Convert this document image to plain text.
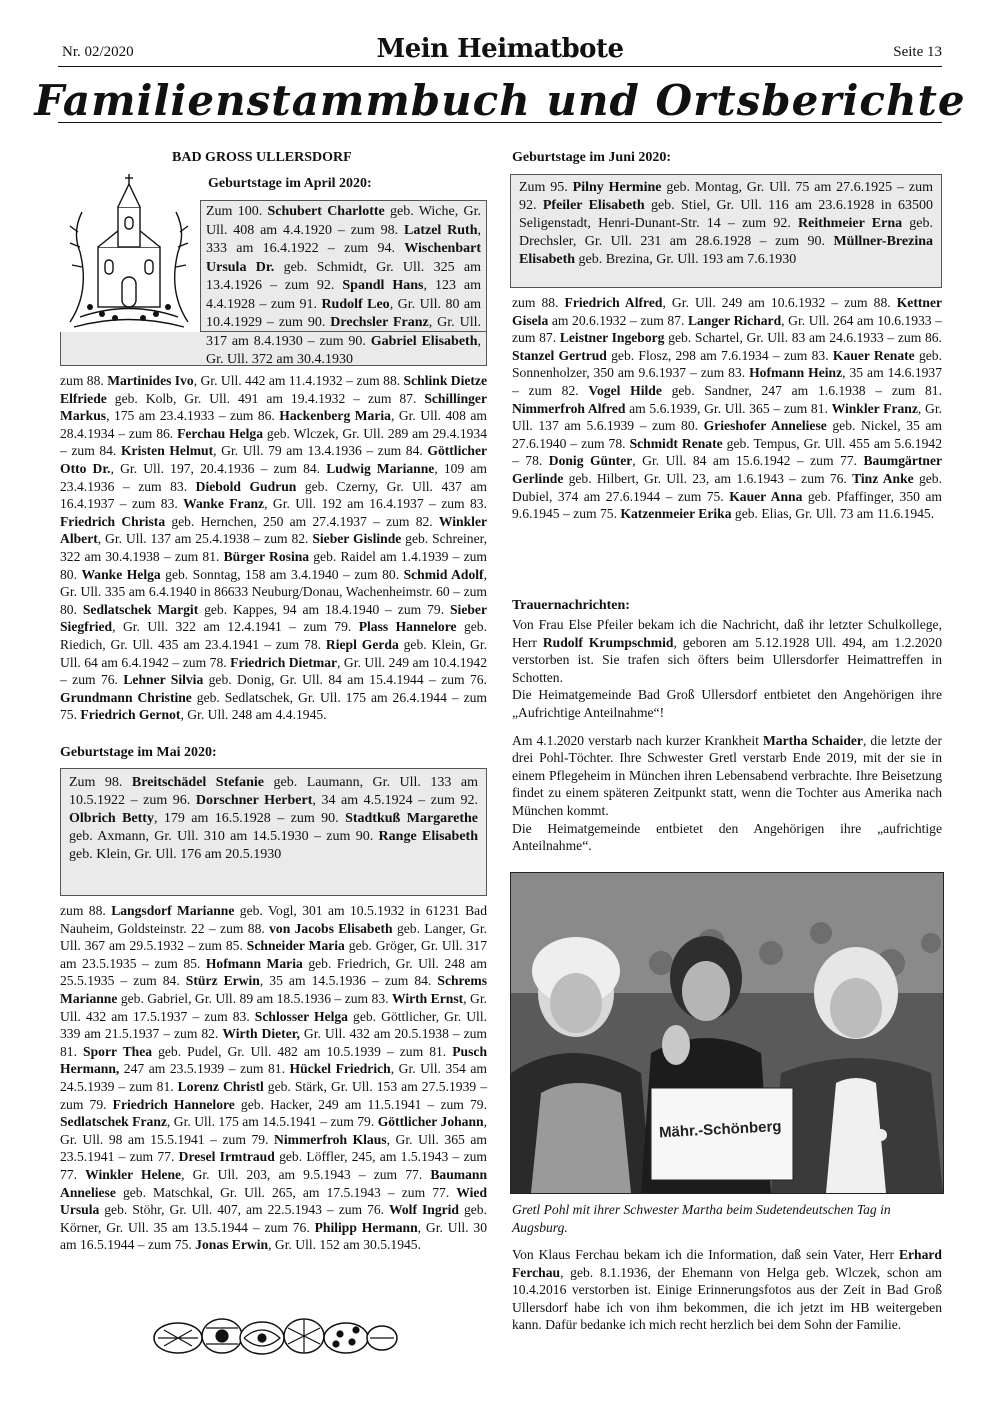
Nr. 02/2020	Mein Heimatbote	Seite 13
Familienstammbuch und Ortsberichte
BAD GROSS ULLERSDORF
Geburtstage im April 2020:
Zum 100. Schubert Charlotte geb. Wiche, Gr. Ull. 408 am 4.4.1920 – zum 98. Latzel Ruth, 333 am 16.4.1922 – zum 94. Wischenbart Ursula Dr. geb. Schmidt, Gr. Ull. 325 am 13.4.1926 – zum 92. Spandl Hans, 123 am 4.4.1928 – zum 91. Rudolf Leo, Gr. Ull. 80 am 10.4.1929 – zum 90. Drechsler Franz, Gr. Ull. 317 am 8.4.1930 – zum 90. Gabriel Elisabeth, Gr. Ull. 372 am 30.4.1930
zum 88. Martinides Ivo, Gr. Ull. 442 am 11.4.1932 – zum 88. Schlink Dietze Elfriede geb. Kolb, Gr. Ull. 491 am 19.4.1932 – zum 87. Schillinger Markus, 175 am 23.4.1933 – zum 86. Hackenberg Maria, Gr. Ull. 408 am 28.4.1934 – zum 86. Ferchau Helga geb. Wlczek, Gr. Ull. 289 am 29.4.1934 – zum 84. Kristen Helmut, Gr. Ull. 79 am 13.4.1936 – zum 84. Göttlicher Otto Dr., Gr. Ull. 197, 20.4.1936 – zum 84. Ludwig Marianne, 109 am 23.4.1936 – zum 83. Diebold Gudrun geb. Czerny, Gr. Ull. 437 am 16.4.1937 – zum 83. Wanke Franz, Gr. Ull. 192 am 16.4.1937 – zum 83. Friedrich Christa geb. Hernchen, 250 am 27.4.1937 – zum 82. Winkler Albert, Gr. Ull. 137 am 25.4.1938 – zum 82. Sieber Gislinde geb. Schreiner, 322 am 30.4.1938 – zum 81. Bürger Rosina geb. Raidel am 1.4.1939 – zum 80. Wanke Helga geb. Sonntag, 158 am 3.4.1940 – zum 80. Schmid Adolf, Gr. Ull. 335 am 6.4.1940 in 86633 Neuburg/Donau, Wachenheimstr. 60 – zum 80. Sedlatschek Margit geb. Kappes, 94 am 18.4.1940 – zum 79. Sieber Siegfried, Gr. Ull. 322 am 12.4.1941 – zum 79. Plass Hannelore geb. Riedich, Gr. Ull. 435 am 23.4.1941 – zum 78. Riepl Gerda geb. Klein, Gr. Ull. 64 am 6.4.1942 – zum 78. Friedrich Dietmar, Gr. Ull. 249 am 10.4.1942 – zum 76. Lehner Silvia geb. Donig, Gr. Ull. 84 am 15.4.1944 – zum 76. Grundmann Christine geb. Sedlatschek, Gr. Ull. 175 am 26.4.1944 – zum 75. Friedrich Gernot, Gr. Ull. 248 am 4.4.1945.
Geburtstage im Mai 2020:
Zum 98. Breitschädel Stefanie geb. Laumann, Gr. Ull. 133 am 10.5.1922 – zum 96. Dorschner Herbert, 34 am 4.5.1924 – zum 92. Olbrich Betty, 179 am 16.5.1928 – zum 90. Stadtkuß Margarethe geb. Axmann, Gr. Ull. 310 am 14.5.1930 – zum 90. Range Elisabeth geb. Klein, Gr. Ull. 176 am 20.5.1930
zum 88. Langsdorf Marianne geb. Vogl, 301 am 10.5.1932 in 61231 Bad Nauheim, Goldsteinstr. 22 – zum 88. von Jacobs Elisabeth geb. Langer, Gr. Ull. 367 am 29.5.1932 – zum 85. Schneider Maria geb. Gröger, Gr. Ull. 317 am 23.5.1935 – zum 85. Hofmann Maria geb. Friedrich, Gr. Ull. 248 am 25.5.1935 – zum 84. Stürz Erwin, 35 am 14.5.1936 – zum 84. Schrems Marianne geb. Gabriel, Gr. Ull. 89 am 18.5.1936 – zum 83. Wirth Ernst, Gr. Ull. 432 am 17.5.1937 – zum 83. Schlosser Helga geb. Göttlicher, Gr. Ull. 339 am 21.5.1937 – zum 82. Wirth Dieter, Gr. Ull. 432 am 20.5.1938 – zum 81. Sporr Thea geb. Pudel, Gr. Ull. 482 am 10.5.1939 – zum 81. Pusch Hermann, 247 am 23.5.1939 – zum 81. Hückel Friedrich, Gr. Ull. 354 am 24.5.1939 – zum 81. Lorenz Christl geb. Stärk, Gr. Ull. 153 am 27.5.1939 – zum 79. Friedrich Hannelore geb. Hacker, 249 am 11.5.1941 – zum 79. Sedlatschek Franz, Gr. Ull. 175 am 14.5.1941 – zum 79. Göttlicher Johann, Gr. Ull. 98 am 15.5.1941 – zum 79. Nimmerfroh Klaus, Gr. Ull. 365 am 23.5.1941 – zum 77. Dresel Irmtraud geb. Löffler, 245, am 1.5.1943 – zum 77. Winkler Helene, Gr. Ull. 203, am 9.5.1943 – zum 77. Baumann Anneliese geb. Matschkal, Gr. Ull. 265, am 17.5.1943 – zum 77. Wied Ursula geb. Stöhr, Gr. Ull. 407, am 22.5.1943 – zum 76. Wolf Ingrid geb. Körner, Gr. Ull. 35 am 13.5.1944 – zum 76. Philipp Hermann, Gr. Ull. 30 am 16.5.1944 – zum 75. Jonas Erwin, Gr. Ull. 152 am 30.5.1945.
Geburtstage im Juni 2020:
Zum 95. Pilny Hermine geb. Montag, Gr. Ull. 75 am 27.6.1925 – zum 92. Pfeiler Elisabeth geb. Stiel, Gr. Ull. 116 am 23.6.1928 in 63500 Seligenstadt, Henri-Dunant-Str. 14 – zum 92. Reithmeier Erna geb. Drechsler, Gr. Ull. 231 am 28.6.1928 – zum 90. Müllner-Brezina Elisabeth geb. Brezina, Gr. Ull. 193 am 7.6.1930
zum 88. Friedrich Alfred, Gr. Ull. 249 am 10.6.1932 – zum 88. Kettner Gisela am 20.6.1932 – zum 87. Langer Richard, Gr. Ull. 264 am 10.6.1933 – zum 87. Leistner Ingeborg geb. Schartel, Gr. Ull. 83 am 24.6.1933 – zum 86. Stanzel Gertrud geb. Flosz, 298 am 7.6.1934 – zum 83. Kauer Renate geb. Sonnenholzer, 350 am 9.6.1937 – zum 83. Hofmann Heinz, 35 am 14.6.1937 – zum 82. Vogel Hilde geb. Sandner, 247 am 1.6.1938 – zum 81. Nimmerfroh Alfred am 5.6.1939, Gr. Ull. 365 – zum 81. Winkler Franz, Gr. Ull. 137 am 5.6.1939 – zum 80. Grieshofer Anneliese geb. Nickel, 35 am 27.6.1940 – zum 78. Schmidt Renate geb. Tempus, Gr. Ull. 455 am 5.6.1942 – 78. Donig Günter, Gr. Ull. 84 am 15.6.1942 – zum 77. Baumgärtner Gerlinde geb. Hilbert, Gr. Ull. 23, am 1.6.1943 – zum 76. Tinz Anke geb. Dubiel, 374 am 27.6.1944 – zum 75. Kauer Anna geb. Pfaffinger, 350 am 9.6.1945 – zum 75. Katzenmeier Erika geb. Elias, Gr. Ull. 73 am 11.6.1945.
Trauernachrichten:

Von Frau Else Pfeiler bekam ich die Nachricht, daß ihr letzter Schulkollege, Herr Rudolf Krumpschmid, geboren am 5.12.1928 Ull. 494, am 1.2.2020 verstorben ist. Sie trafen sich öfters beim Ullersdorfer Heimattreffen in Schotten.

Die Heimatgemeinde Bad Groß Ullersdorf entbietet den Angehörigen ihre „Aufrichtige Anteilnahme“!

Am 4.1.2020 verstarb nach kurzer Krankheit Martha Schaider, die letzte der drei Pohl-Töchter. Ihre Schwester Gretl verstarb Ende 2019, mit der sie in einem Pflegeheim in München ihren Lebensabend verbrachte. Ihre Beisetzung findet zu einem späteren Zeitpunkt statt, wenn die Tochter aus Amerika nach München kommt.

Die Heimatgemeinde entbietet den Angehörigen ihre „aufrichtige Anteilnahme“.

Mähr.-Schönberg
Gretl Pohl mit ihrer Schwester Martha beim Sudetendeutschen Tag in Augsburg.
Von Klaus Ferchau bekam ich die Information, daß sein Vater, Herr Erhard Ferchau, geb. 8.1.1936, der Ehemann von Helga geb. Wlczek, schon am 10.4.2016 verstorben ist. Einige Erinnerungsfotos aus der Zeit in Bad Groß Ullersdorf habe ich von ihm bekommen, die ich jetzt im HB weitergeben kann. Dafür bedanke ich mich recht herzlich bei dem Sohn der Familie.
